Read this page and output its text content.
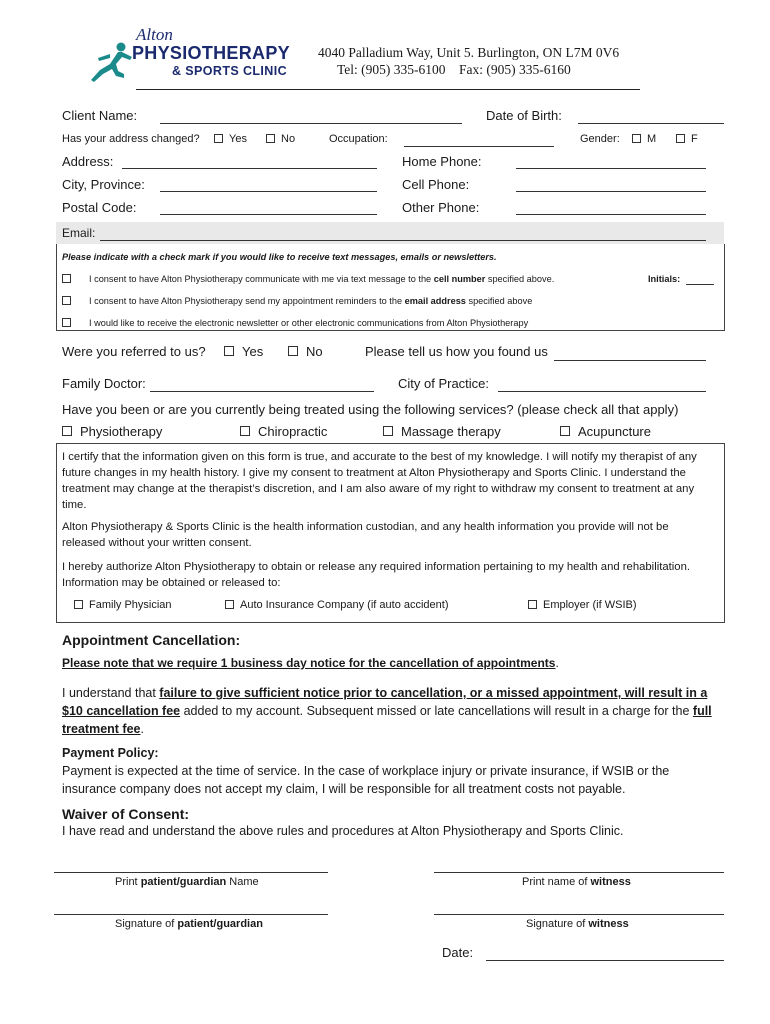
Alton
PHYSIOTHERAPY
& SPORTS CLINIC
4040 Palladium Way, Unit 5. Burlington, ON L7M 0V6
Tel: (905) 335-6100    Fax: (905) 335-6160
Client Name:	Date of Birth:
Has your address changed?	Yes	No	Occupation:	Gender:	M	F
Address:	Home Phone:
City, Province:	Cell Phone:
Postal Code:	Other Phone:
Email:
Please indicate with a check mark if you would like to receive text messages, emails or newsletters.
I consent to have Alton Physiotherapy communicate with me via text message to the cell number specified above.	Initials:
I consent to have Alton Physiotherapy send my appointment reminders to the email address specified above
I would like to receive the electronic newsletter or other electronic communications from Alton Physiotherapy
Were you referred to us?	Yes	No	Please tell us how you found us
Family Doctor:	City of Practice:
Have you been or are you currently being treated using the following services? (please check all that apply)
Physiotherapy	Chiropractic	Massage therapy	Acupuncture
I certify that the information given on this form is true, and accurate to the best of my knowledge. I will notify my therapist of any future changes in my health history. I give my consent to treatment at Alton Physiotherapy and Sports Clinic. I understand the treatment may change at the therapist’s discretion, and I am also aware of my right to withdraw my consent to treatment at any time.
Alton Physiotherapy & Sports Clinic is the health information custodian, and any health information you provide will not be released without your written consent.
I hereby authorize Alton Physiotherapy to obtain or release any required information pertaining to my health and rehabilitation. Information may be obtained or released to:
Family Physician	Auto Insurance Company (if auto accident)	Employer (if WSIB)
Appointment Cancellation:
Please note that we require 1 business day notice for the cancellation of appointments.
I understand that failure to give sufficient notice prior to cancellation, or a missed appointment, will result in a $10 cancellation fee added to my account. Subsequent missed or late cancellations will result in a charge for the full treatment fee.
Payment Policy:
Payment is expected at the time of service. In the case of workplace injury or private insurance, if WSIB or the insurance company does not accept my claim, I will be responsible for all treatment costs not payable.
Waiver of Consent:
I have read and understand the above rules and procedures at Alton Physiotherapy and Sports Clinic.
Print patient/guardian Name	Print name of witness
Signature of patient/guardian	Signature of witness
Date:
